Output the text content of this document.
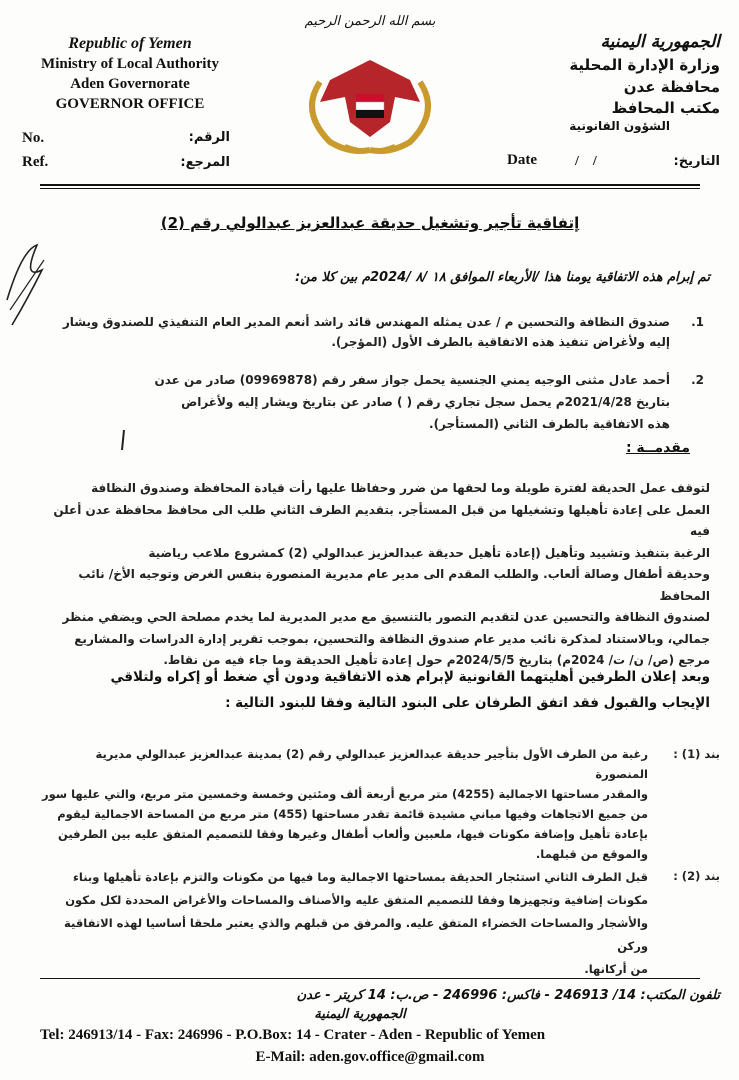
بسم الله الرحمن الرحيم
Republic of Yemen
Ministry of Local Authority
Aden Governorate
GOVERNOR OFFICE
No.
Ref.
الرقم:
المرجع:
الجمهورية اليمنية
وزارة الإدارة المحلية
محافظة عدن
مكتب المحافظ
الشؤون القانونية
Date	/    /	التاريخ:
إتفاقية تأجير وتشغيل حديقة عبدالعزيز عبدالولي رقم (2)
تم إبرام هذه الاتفاقية يومنا هذا /الأربعاء الموافق ١٨ /٨ /2024م بين كلا من:
1.
صندوق النظافة والتحسين م / عدن يمثله المهندس قائد راشد أنعم المدير العام التنفيذي للصندوق ويشار إليه ولأغراض تنفيذ هذه الاتفاقية بالطرف الأول (المؤجر).
2.
أحمد عادل مثنى الوجيه يمني الجنسية يحمل جواز سفر رقم (09969878) صادر من عدن
بتاريخ 2021/4/28م يحمل سجل تجاري رقم ( ) صادر عن بتاريخ ويشار إليه ولأغراض
هذه الاتفاقية بالطرف الثاني (المستأجر).
مقدمــة :
لتوقف عمل الحديقة لفترة طويلة وما لحقها من ضرر وحفاظا عليها رأت قيادة المحافظة وصندوق النظافة
العمل على إعادة تأهيلها وتشغيلها من قبل المستأجر. بتقديم الطرف الثاني طلب الى محافظ محافظة عدن أعلن فيه
الرغبة بتنفيذ وتشييد وتأهيل (إعادة تأهيل حديقة عبدالعزيز عبدالولي (2) كمشروع ملاعب رياضية
وحديقة أطفال وصالة ألعاب. والطلب المقدم الى مدير عام مديرية المنصورة بنفس الغرض وتوجيه الأخ/ نائب المحافظ
لصندوق النظافة والتحسين عدن لتقديم التصور بالتنسيق مع مدير المديرية لما يخدم مصلحة الحي ويضفي منظر
جمالي، وبالاستناد لمذكرة نائب مدير عام صندوق النظافة والتحسين، بموجب تقرير إدارة الدراسات والمشاريع
مرجع (ص/ ن/ ت/ 2024م) بتاريخ 2024/5/5م حول إعادة تأهيل الحديقة وما جاء فيه من نقاط.
وبعد إعلان الطرفين أهليتهما القانونية لإبرام هذه الاتفاقية ودون أي ضغط أو إكراه ولتلاقي
الإيجاب والقبول فقد اتفق الطرفان على البنود التالية وفقا للبنود التالية :
بند (1) :
رغبة من الطرف الأول بتأجير حديقة عبدالعزيز عبدالولي رقم (2) بمدينة عبدالعزيز عبدالولي مديرية المنصورة
والمقدر مساحتها الاجمالية (4255) متر مربع أربعة ألف ومئتين وخمسة وخمسين متر مربع، والتي عليها سور
من جميع الاتجاهات وفيها مباني مشيدة قائمة تقدر مساحتها (455) متر مربع من المساحة الاجمالية ليقوم
بإعادة تأهيل وإضافة مكونات فيها، ملعبين وألعاب أطفال وغيرها وفقا للتصميم المتفق عليه بين الطرفين
والموقع من قبلهما.
بند (2) :
قبل الطرف الثاني استئجار الحديقة بمساحتها الاجمالية وما فيها من مكونات والتزم بإعادة تأهيلها وبناء
مكونات إضافية وتجهيزها وفقا للتصميم المتفق عليه والأصناف والمساحات والأغراض المحددة لكل مكون
والأشجار والمساحات الخضراء المتفق عليه. والمرفق من قبلهم والذي يعتبر ملحقا أساسيا لهذه الاتفاقية وركن
من أركانها.
تلفون المكتب: 14/ 246913 - فاكس: 246996 - ص.ب: 14 كريتر - عدن
الجمهورية اليمنية
Tel: 246913/14 - Fax: 246996 - P.O.Box: 14 - Crater - Aden - Republic of Yemen
E-Mail: aden.gov.office@gmail.com
